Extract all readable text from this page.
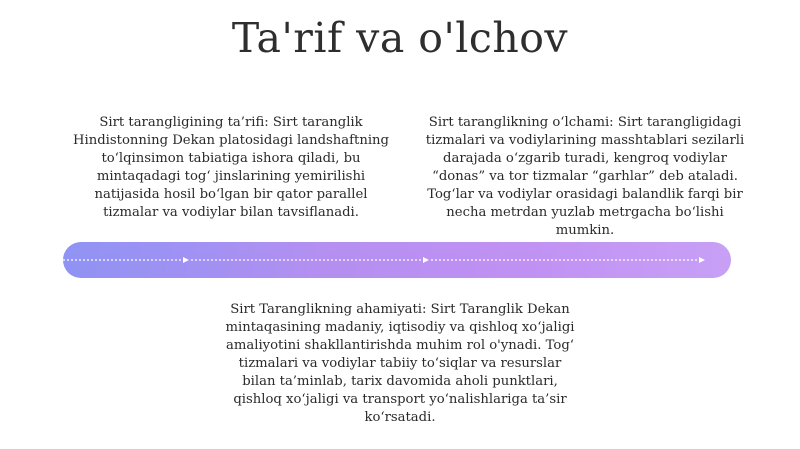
Ta'rif va o'lchov
Sirt tarangligining ta’rifi: Sirt taranglik Hindistonning Dekan platosidagi landshaftning to‘lqinsimon tabiatiga ishora qiladi, bu mintaqadagi tog‘ jinslarining yemirilishi natijasida hosil bo‘lgan bir qator parallel tizmalar va vodiylar bilan tavsiflanadi.
Sirt taranglikning o‘lchami: Sirt tarangligidagi tizmalari va vodiylarining masshtablari sezilarli darajada o‘zgarib turadi, kengroq vodiylar “donas” va tor tizmalar “garhlar” deb ataladi. Tog‘lar va vodiylar orasidagi balandlik farqi bir necha metrdan yuzlab metrgacha bo‘lishi mumkin.
Sirt Taranglikning ahamiyati: Sirt Taranglik Dekan mintaqasining madaniy, iqtisodiy va qishloq xo‘jaligi amaliyotini shakllantirishda muhim rol o'ynadi. Tog‘ tizmalari va vodiylar tabiiy to‘siqlar va resurslar bilan ta’minlab, tarix davomida aholi punktlari, qishloq xo‘jaligi va transport yo‘nalishlariga ta’sir ko‘rsatadi.
